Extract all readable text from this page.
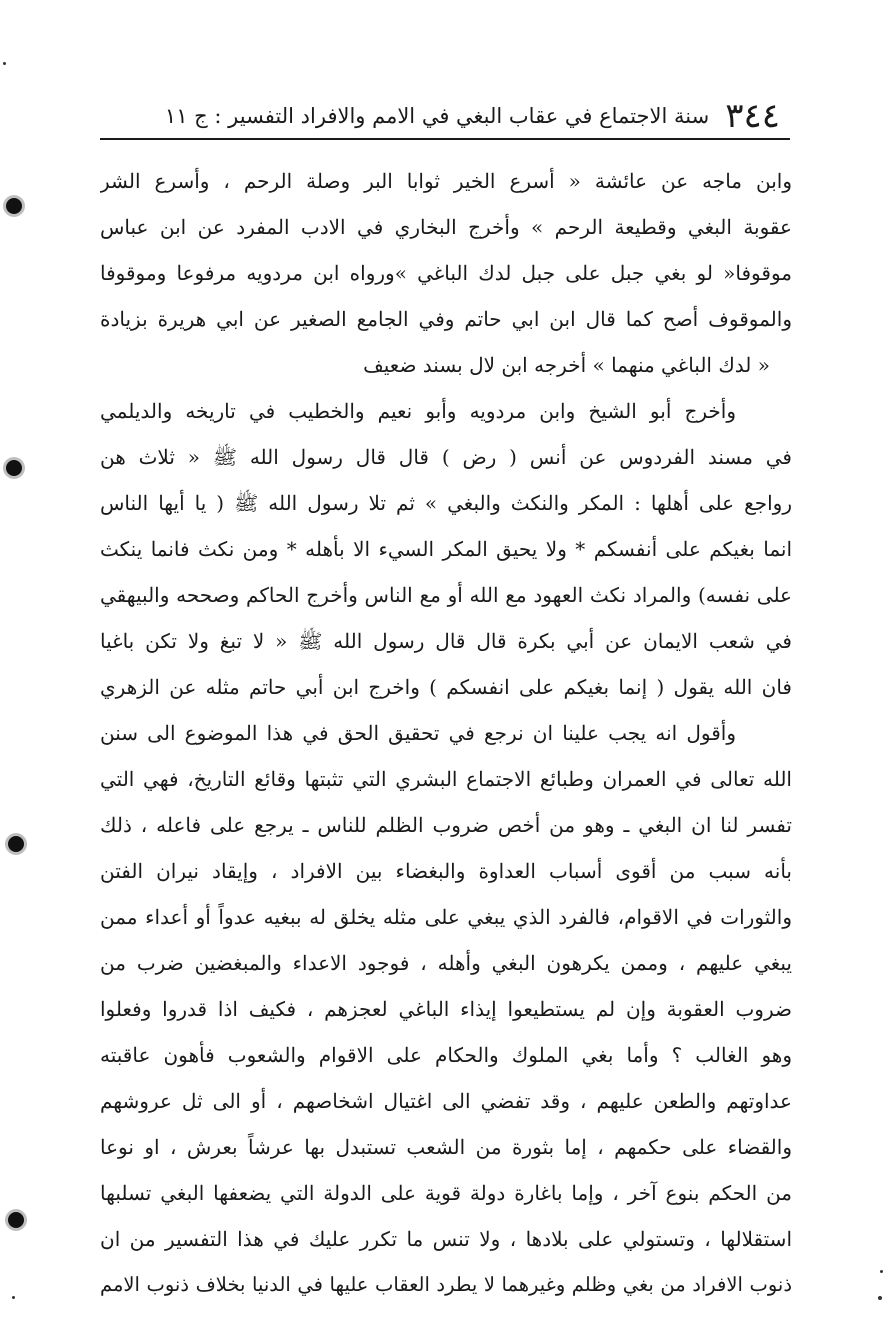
٣٤٤
سنة الاجتماع في عقاب البغي في الامم والافراد التفسير : ج ١١
وابن ماجه عن عائشة « أسرع الخير ثوابا البر وصلة الرحم ، وأسرع الشر
عقوبة البغي وقطيعة الرحم » وأخرج البخاري في الادب المفرد عن ابن عباس
موقوفا« لو بغي جبل على جبل لدك الباغي »ورواه ابن مردويه مرفوعا وموقوفا
والموقوف أصح كما قال ابن ابي حاتم وفي الجامع الصغير عن ابي هريرة بزيادة
« لدك الباغي منهما » أخرجه ابن لال بسند ضعيف
وأخرج أبو الشيخ وابن مردويه وأبو نعيم والخطيب في تاريخه والديلمي
في مسند الفردوس عن أنس ( رض ) قال قال رسول الله ﷺ « ثلاث هن
رواجع على أهلها : المكر والنكث والبغي » ثم تلا رسول الله ﷺ ( يا أيها الناس
انما بغيكم على أنفسكم * ولا يحيق المكر السيء الا بأهله * ومن نكث فانما ينكث
على نفسه) والمراد نكث العهود مع الله أو مع الناس وأخرج الحاكم وصححه والبيهقي
في شعب الايمان عن أبي بكرة قال قال رسول الله ﷺ « لا تبغ ولا تكن باغيا
فان الله يقول ( إنما بغيكم على انفسكم ) واخرج ابن أبي حاتم مثله عن الزهري
وأقول انه يجب علينا ان نرجع في تحقيق الحق في هذا الموضوع الى سنن
الله تعالى في العمران وطبائع الاجتماع البشري التي تثبتها وقائع التاريخ، فهي التي
تفسر لنا ان البغي ـ وهو من أخص ضروب الظلم للناس ـ يرجع على فاعله ، ذلك
بأنه سبب من أقوى أسباب العداوة والبغضاء بين الافراد ، وإيقاد نيران الفتن
والثورات في الاقوام، فالفرد الذي يبغي على مثله يخلق له ببغيه عدواً أو أعداء ممن
يبغي عليهم ، وممن يكرهون البغي وأهله ، فوجود الاعداء والمبغضين ضرب من
ضروب العقوبة وإن لم يستطيعوا إيذاء الباغي لعجزهم ، فكيف اذا قدروا وفعلوا
وهو الغالب ؟ وأما بغي الملوك والحكام على الاقوام والشعوب فأهون عاقبته
عداوتهم والطعن عليهم ، وقد تفضي الى اغتيال اشخاصهم ، أو الى ثل عروشهم
والقضاء على حكمهم ، إما بثورة من الشعب تستبدل بها عرشاً بعرش ، او نوعا
من الحكم بنوع آخر ، وإما باغارة دولة قوية على الدولة التي يضعفها البغي تسلبها
استقلالها ، وتستولي على بلادها ، ولا تنس ما تكرر عليك في هذا التفسير من ان
ذنوب الافراد من بغي وظلم وغيرهما لا يطرد العقاب عليها في الدنيا بخلاف ذنوب الامم
